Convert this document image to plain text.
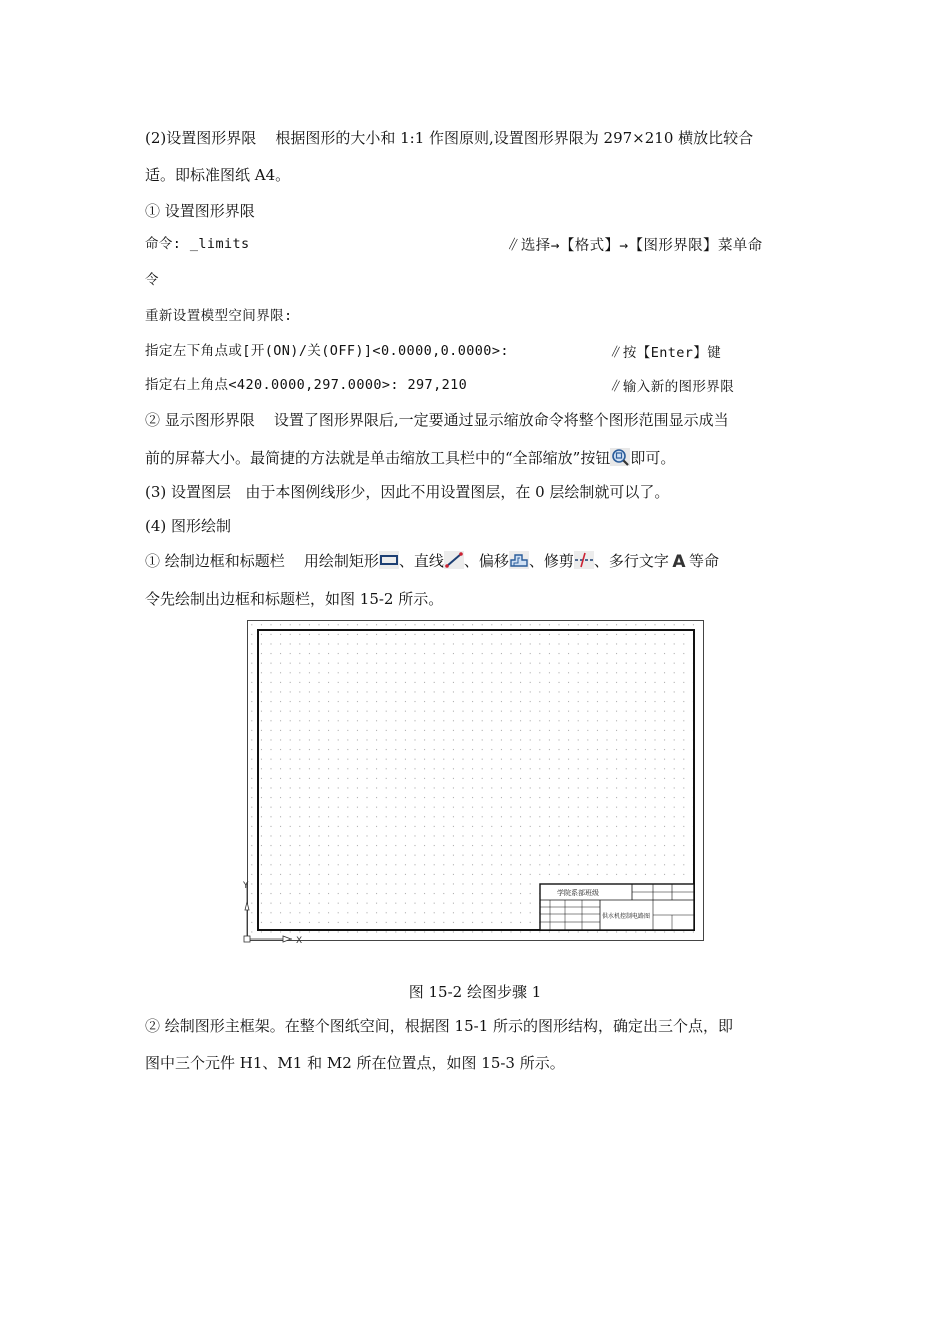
(2)设置图形界限 根据图形的大小和 1:1 作图原则,设置图形界限为 297×210 横放比较合
适。即标准图纸 A4。
① 设置图形界限
命令: _limits	∥选择→【格式】→【图形界限】菜单命
令
重新设置模型空间界限:
指定左下角点或[开(ON)/关(OFF)]<0.0000,0.0000>:	∥按【Enter】键
指定右上角点<420.0000,297.0000>: 297,210	∥输入新的图形界限
② 显示图形界限 设置了图形界限后,一定要通过显示缩放命令将整个图形范围显示成当
前的屏幕大小。最简捷的方法就是单击缩放工具栏中的“全部缩放”按钮 即可。
(3) 设置图层 由于本图例线形少，因此不用设置图层，在 0 层绘制就可以了。
(4) 图形绘制
① 绘制边框和标题栏 用绘制矩形 、直线 、偏移 、修剪 、多行文字 A 等命
令先绘制出边框和标题栏，如图 15-2 所示。
学院系部班级
供水机控制电路图
Y
X
图 15-2 绘图步骤 1
② 绘制图形主框架。在整个图纸空间，根据图 15-1 所示的图形结构，确定出三个点，即
图中三个元件 H1、M1 和 M2 所在位置点，如图 15-3 所示。
